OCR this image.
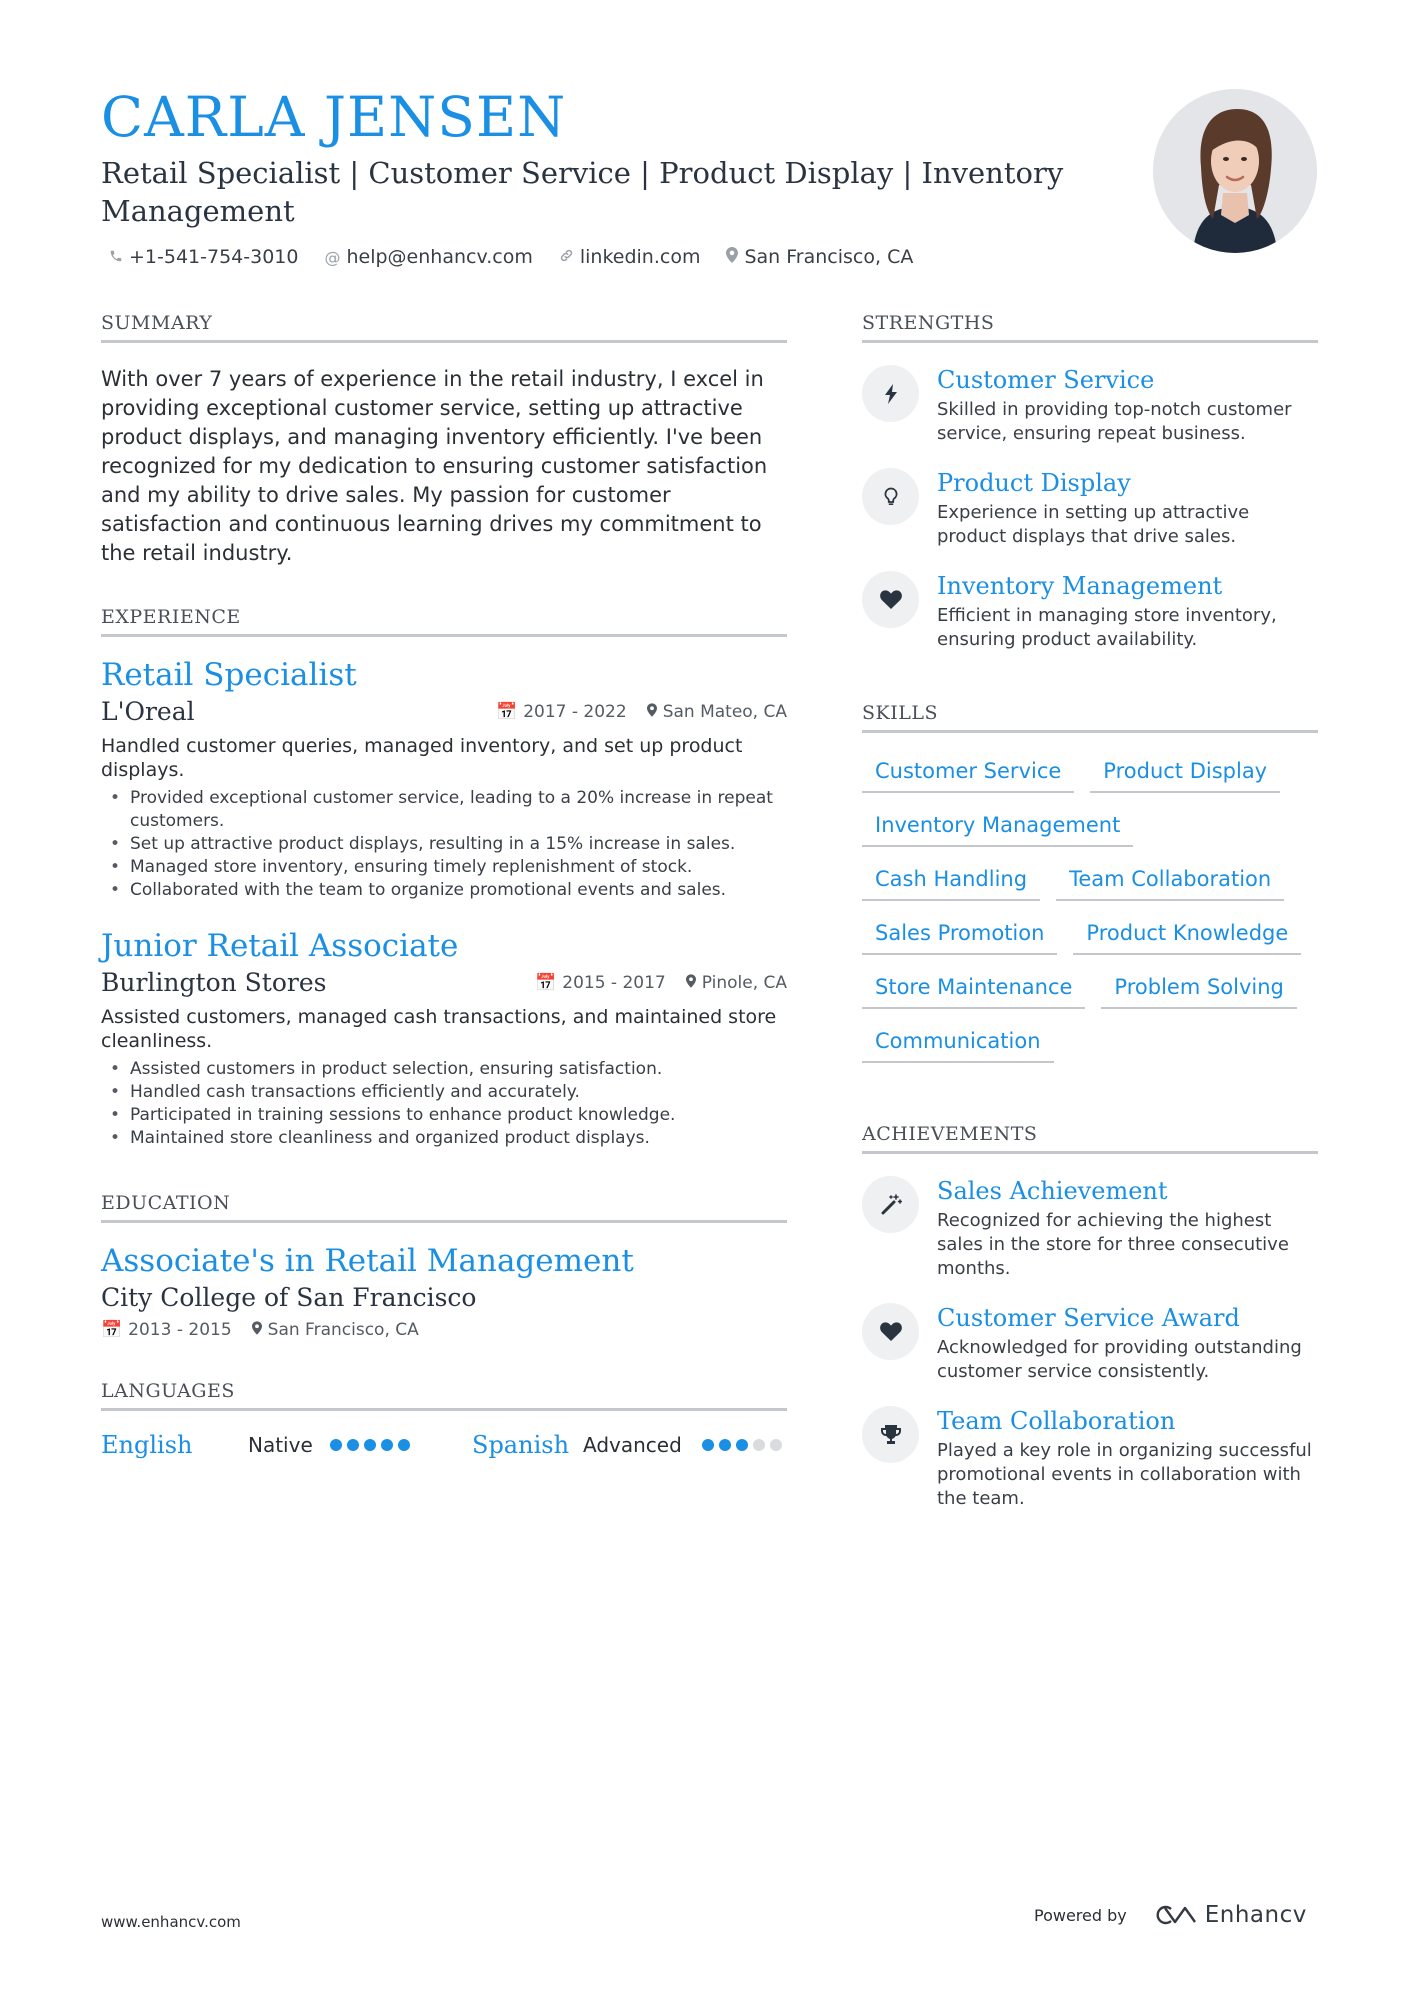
CARLA JENSEN
Retail Specialist | Customer Service | Product Display | Inventory Management
+1-541-754-3010 @ help@enhancv.com linkedin.com San Francisco, CA
SUMMARY

With over 7 years of experience in the retail industry, I excel in providing exceptional customer service, setting up attractive product displays, and managing inventory efficiently. I've been recognized for my dedication to ensuring customer satisfaction and my ability to drive sales. My passion for customer satisfaction and continuous learning drives my commitment to the retail industry.

EXPERIENCE
Retail Specialist
L'Oreal	📅 2017 - 2022	San Mateo, CA

Handled customer queries, managed inventory, and set up product displays.

• Provided exceptional customer service, leading to a 20% increase in repeat customers.
• Set up attractive product displays, resulting in a 15% increase in sales.
• Managed store inventory, ensuring timely replenishment of stock.
• Collaborated with the team to organize promotional events and sales.
Junior Retail Associate
Burlington Stores	📅 2015 - 2017	Pinole, CA

Assisted customers, managed cash transactions, and maintained store cleanliness.

• Assisted customers in product selection, ensuring satisfaction.
• Handled cash transactions efficiently and accurately.
• Participated in training sessions to enhance product knowledge.
• Maintained store cleanliness and organized product displays.
EDUCATION
Associate's in Retail Management
City College of San Francisco
📅 2013 - 2015	San Francisco, CA
LANGUAGES
English	Native	Spanish Advanced
STRENGTHS
Customer Service
Skilled in providing top-notch customer service, ensuring repeat business.
Product Display
Experience in setting up attractive product displays that drive sales.
Inventory Management
Efficient in managing store inventory, ensuring product availability.
SKILLS
Customer Service	Product Display
Inventory Management
Cash Handling	Team Collaboration
Sales Promotion	Product Knowledge
Store Maintenance	Problem Solving
Communication
ACHIEVEMENTS
Sales Achievement
Recognized for achieving the highest sales in the store for three consecutive months.
Customer Service Award
Acknowledged for providing outstanding customer service consistently.
Team Collaboration
Played a key role in organizing successful promotional events in collaboration with the team.
www.enhancv.com	Powered by	Enhancv
